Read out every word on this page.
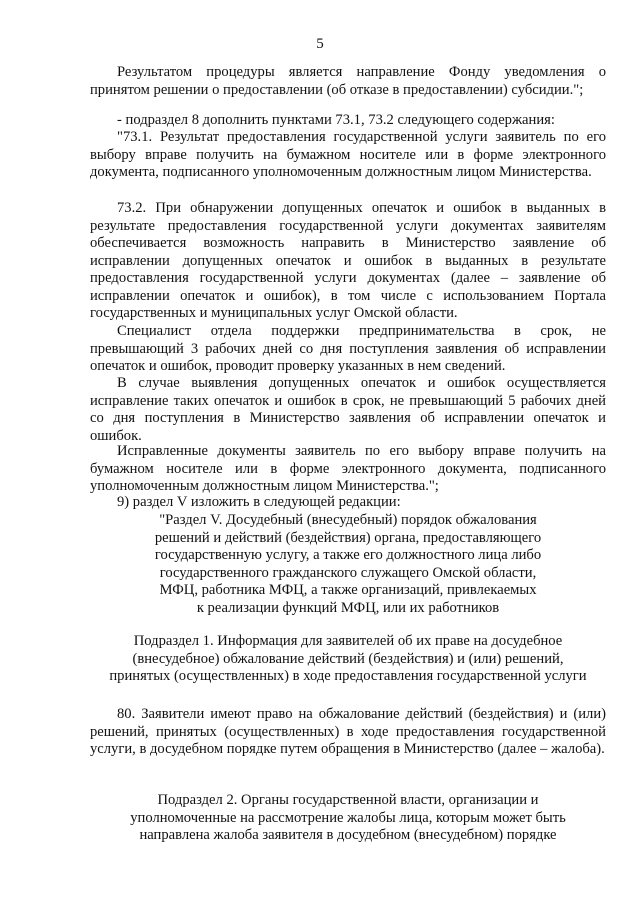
5

Результатом процедуры является направление Фонду уведомления о принятом решении о предоставлении (об отказе в предоставлении) субсидии.";

- подраздел 8 дополнить пунктами 73.1, 73.2 следующего содержания:

"73.1. Результат предоставления государственной услуги заявитель по его выбору вправе получить на бумажном носителе или в форме электронного документа, подписанного уполномоченным должностным лицом Министерства.

73.2. При обнаружении допущенных опечаток и ошибок в выданных в результате предоставления государственной услуги документах заявителям обеспечивается возможность направить в Министерство заявление об исправлении допущенных опечаток и ошибок в выданных в результате предоставления государственной услуги документах (далее – заявление об исправлении опечаток и ошибок), в том числе с использованием Портала государственных и муниципальных услуг Омской области.

Специалист отдела поддержки предпринимательства в срок, не превышающий 3 рабочих дней со дня поступления заявления об исправлении опечаток и ошибок, проводит проверку указанных в нем сведений.

В случае выявления допущенных опечаток и ошибок осуществляется исправление таких опечаток и ошибок в срок, не превышающий 5 рабочих дней со дня поступления в Министерство заявления об исправлении опечаток и ошибок.

Исправленные документы заявитель по его выбору вправе получить на бумажном носителе или в форме электронного документа, подписанного уполномоченным должностным лицом Министерства.";

9) раздел V изложить в следующей редакции:

"Раздел V. Досудебный (внесудебный) порядок обжалования

решений и действий (бездействия) органа, предоставляющего

государственную услугу, а также его должностного лица либо

государственного гражданского служащего Омской области,

МФЦ, работника МФЦ, а также организаций, привлекаемых

к реализации функций МФЦ, или их работников

Подраздел 1. Информация для заявителей об их праве на досудебное

(внесудебное) обжалование действий (бездействия) и (или) решений,

принятых (осуществленных) в ходе предоставления государственной услуги

80. Заявители имеют право на обжалование действий (бездействия) и (или) решений, принятых (осуществленных) в ходе предоставления государственной услуги, в досудебном порядке путем обращения в Министерство (далее – жалоба).

Подраздел 2. Органы государственной власти, организации и

уполномоченные на рассмотрение жалобы лица, которым может быть

направлена жалоба заявителя в досудебном (внесудебном) порядке
